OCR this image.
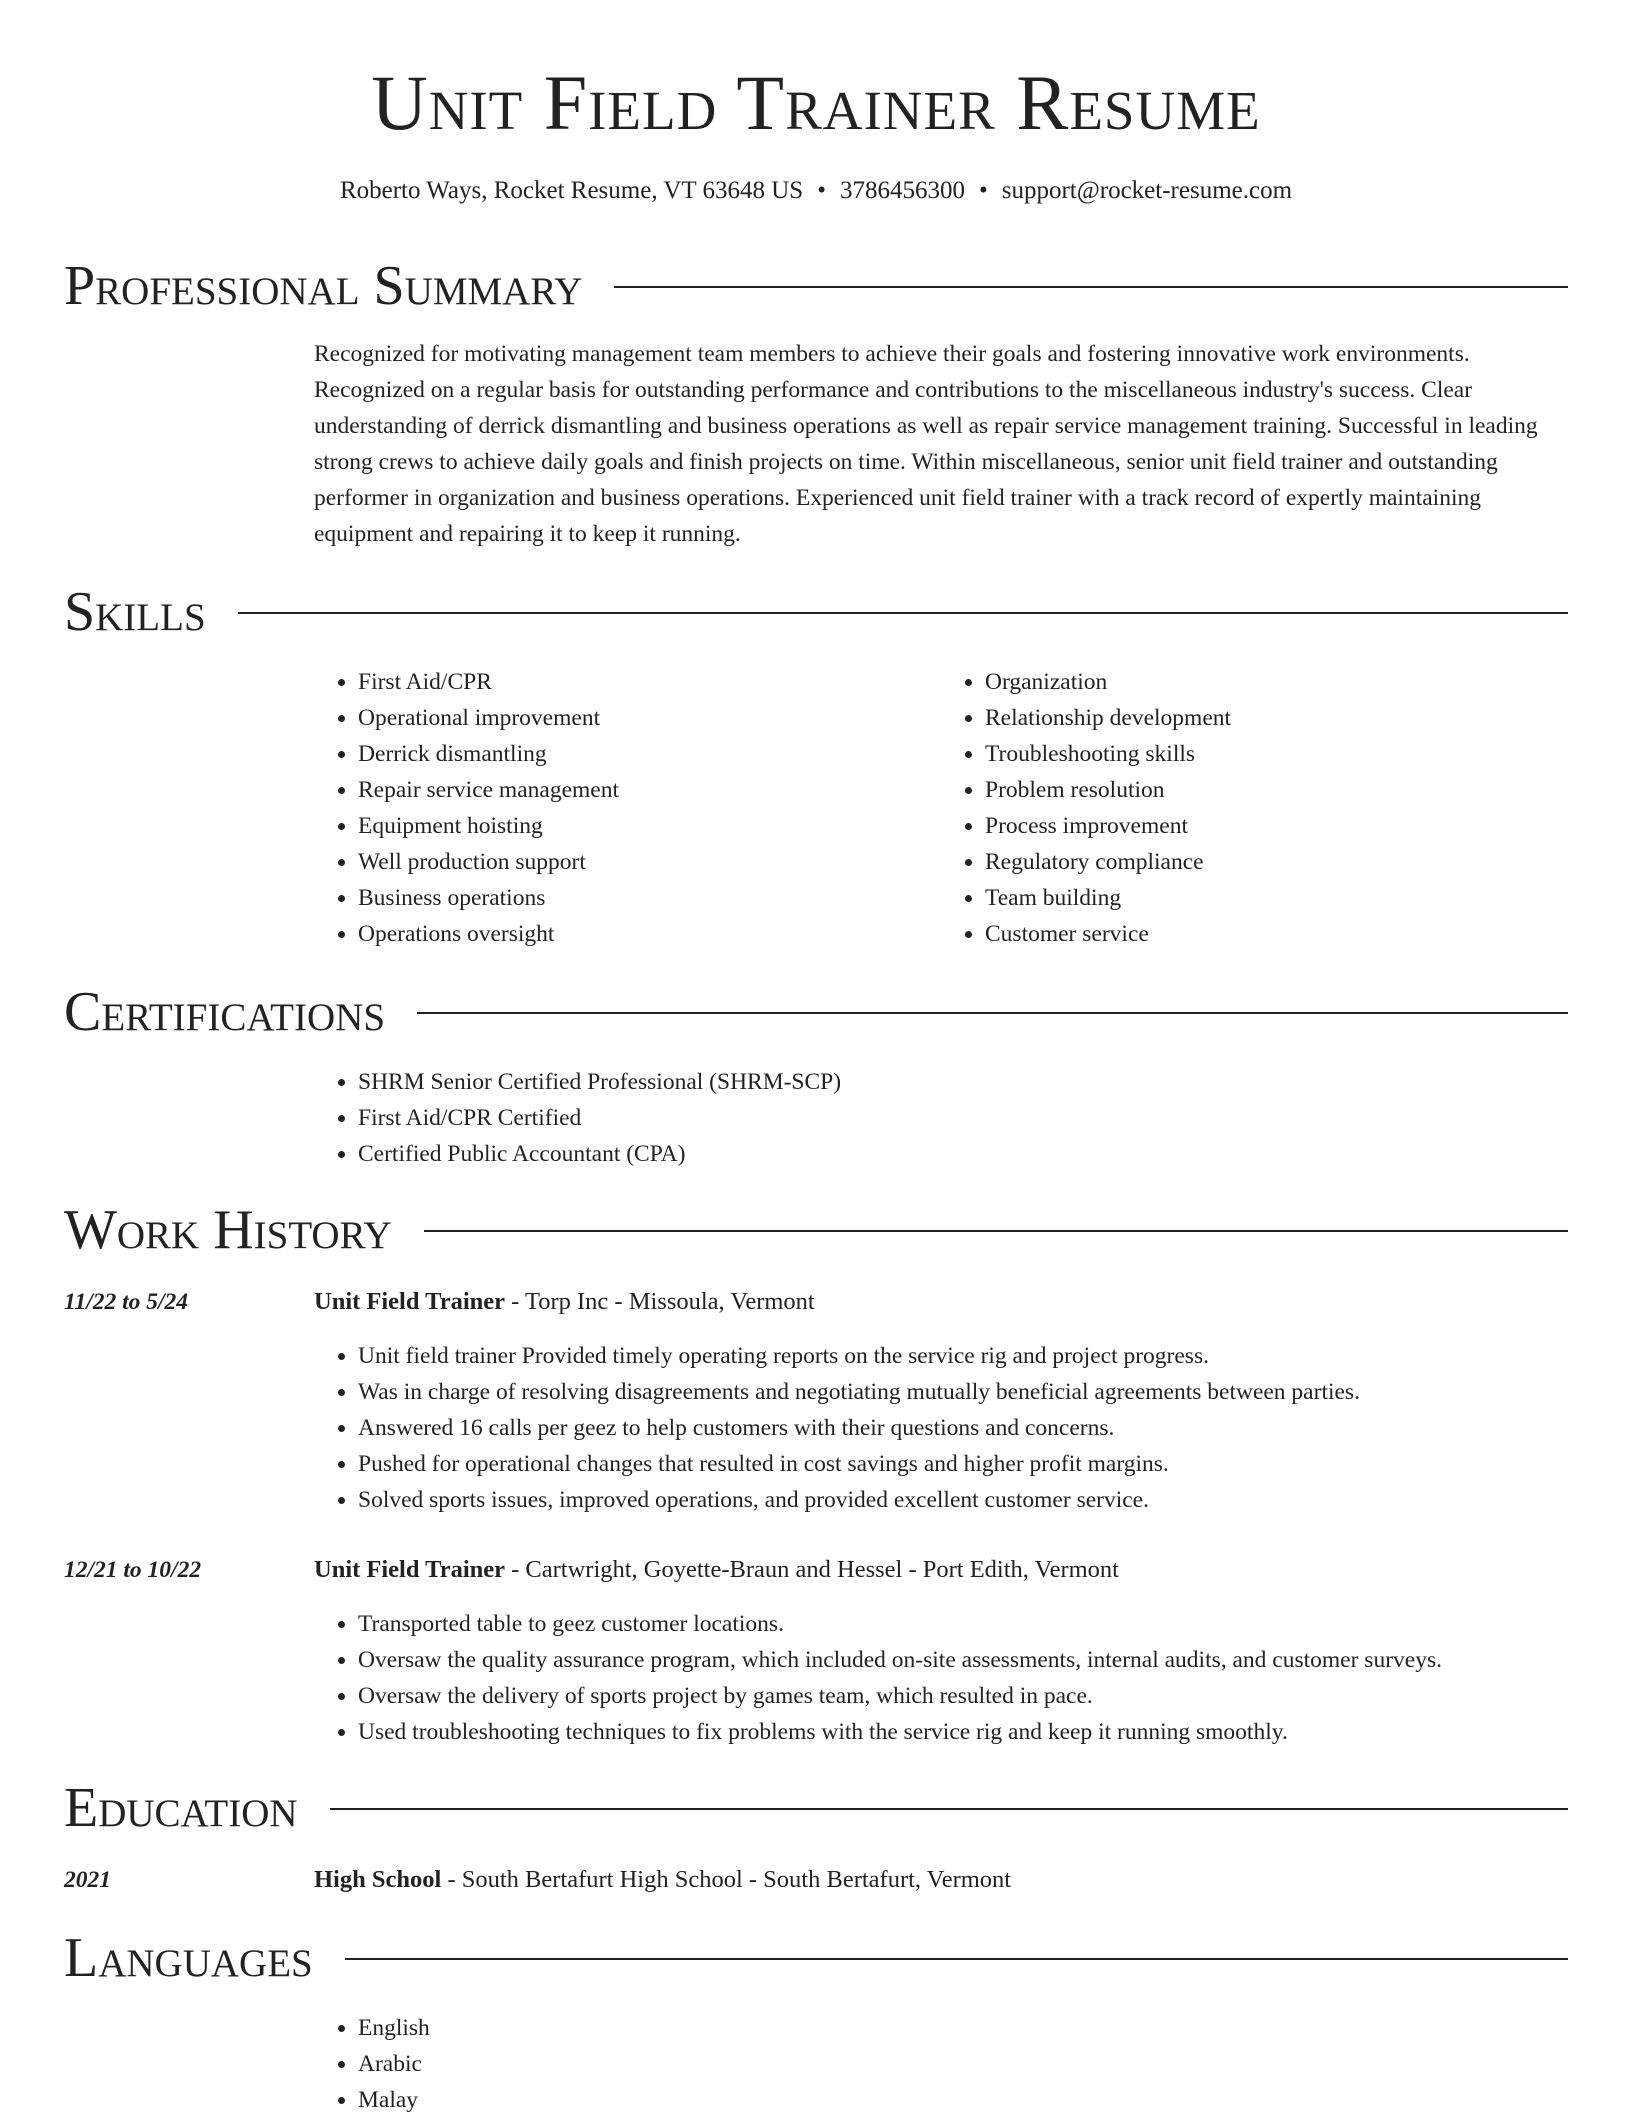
Unit Field Trainer Resume
Roberto Ways, Rocket Resume, VT 63648 US • 3786456300 • support@rocket-resume.com
Professional Summary
Recognized for motivating management team members to achieve their goals and fostering innovative work environments. Recognized on a regular basis for outstanding performance and contributions to the miscellaneous industry's success. Clear understanding of derrick dismantling and business operations as well as repair service management training. Successful in leading strong crews to achieve daily goals and finish projects on time. Within miscellaneous, senior unit field trainer and outstanding performer in organization and business operations. Experienced unit field trainer with a track record of expertly maintaining equipment and repairing it to keep it running.
Skills
• First Aid/CPR
• Operational improvement
• Derrick dismantling
• Repair service management
• Equipment hoisting
• Well production support
• Business operations
• Operations oversight
• Organization
• Relationship development
• Troubleshooting skills
• Problem resolution
• Process improvement
• Regulatory compliance
• Team building
• Customer service
Certifications
• SHRM Senior Certified Professional (SHRM-SCP)
• First Aid/CPR Certified
• Certified Public Accountant (CPA)
Work History
11/22 to 5/24	Unit Field Trainer - Torp Inc - Missoula, Vermont
• Unit field trainer Provided timely operating reports on the service rig and project progress.
• Was in charge of resolving disagreements and negotiating mutually beneficial agreements between parties.
• Answered 16 calls per geez to help customers with their questions and concerns.
• Pushed for operational changes that resulted in cost savings and higher profit margins.
• Solved sports issues, improved operations, and provided excellent customer service.
12/21 to 10/22	Unit Field Trainer - Cartwright, Goyette-Braun and Hessel - Port Edith, Vermont
• Transported table to geez customer locations.
• Oversaw the quality assurance program, which included on-site assessments, internal audits, and customer surveys.
• Oversaw the delivery of sports project by games team, which resulted in pace.
• Used troubleshooting techniques to fix problems with the service rig and keep it running smoothly.
Education
2021	High School - South Bertafurt High School - South Bertafurt, Vermont
Languages
• English
• Arabic
• Malay
